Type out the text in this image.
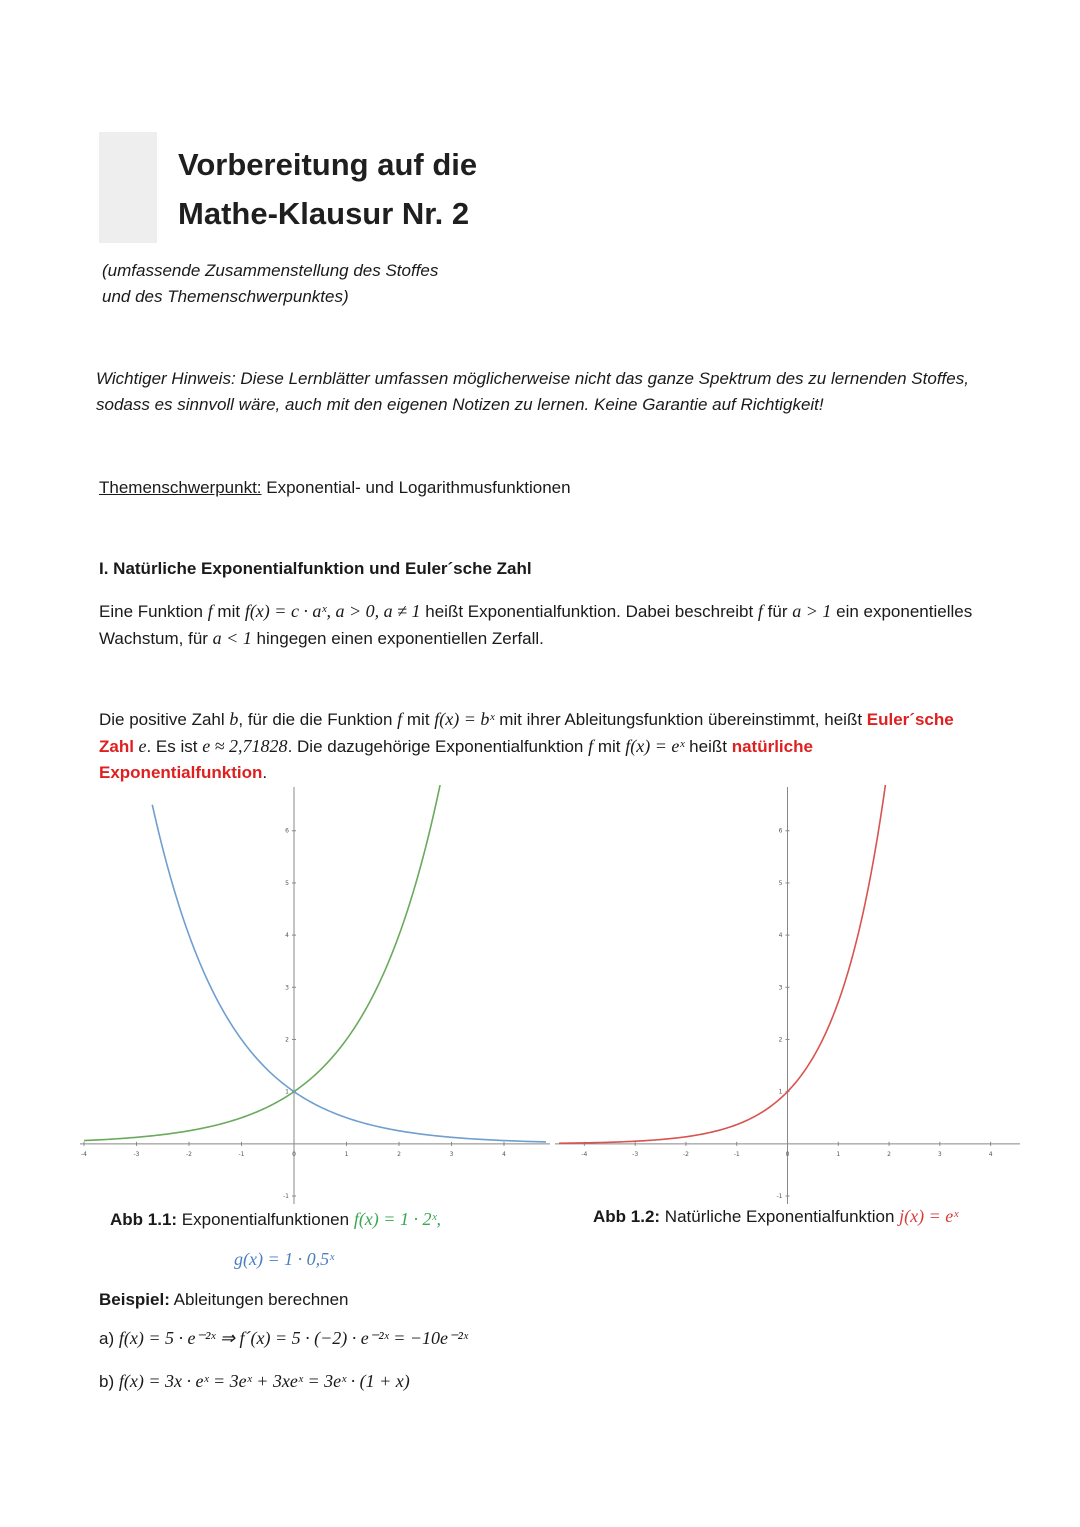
Vorbereitung auf die
Mathe-Klausur Nr. 2
(umfassende Zusammenstellung des Stoffes
und des Themenschwerpunktes)
Wichtiger Hinweis: Diese Lernblätter umfassen möglicherweise nicht das ganze Spektrum des zu lernenden Stoffes, sodass es sinnvoll wäre, auch mit den eigenen Notizen zu lernen. Keine Garantie auf Richtigkeit!
Themenschwerpunkt: Exponential- und Logarithmusfunktionen
I. Natürliche Exponentialfunktion und Euler´sche Zahl
Eine Funktion f mit f(x) = c · aˣ, a > 0, a ≠ 1 heißt Exponentialfunktion. Dabei beschreibt f für a > 1 ein exponentielles Wachstum, für a < 1 hingegen einen exponentiellen Zerfall.
Die positive Zahl b, für die die Funktion f mit f(x) = bˣ mit ihrer Ableitungsfunktion übereinstimmt, heißt Euler´sche Zahl e. Es ist e ≈ 2,71828. Die dazugehörige Exponentialfunktion f mit f(x) = eˣ heißt natürliche Exponentialfunktion.
-4	-3	-2	-1	0	1	2	3	4
-1
1
2
3
4
5
6
-4	-3	-2	-1	0	1	2	3	4
-1
1
2
3
4
5
6
Abb 1.1: Exponentialfunktionen f(x) = 1 · 2ˣ,
g(x) = 1 · 0,5ˣ
Abb 1.2: Natürliche Exponentialfunktion j(x) = eˣ
Beispiel: Ableitungen berechnen
a) f(x) = 5 · e⁻²ˣ ⇒ f´(x) = 5 · (−2) · e⁻²ˣ = −10e⁻²ˣ
b) f(x) = 3x · eˣ = 3eˣ + 3xeˣ = 3eˣ · (1 + x)
